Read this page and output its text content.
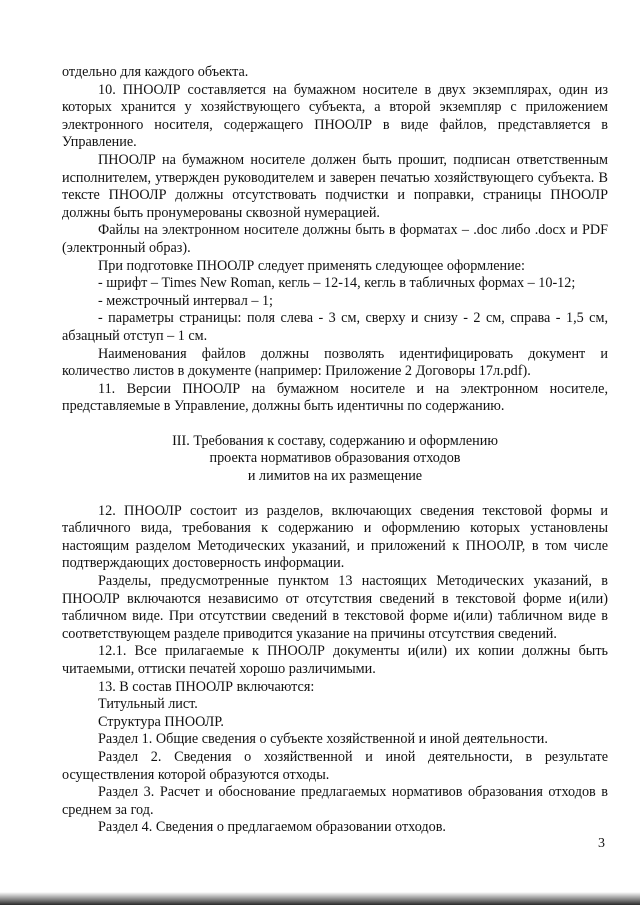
отдельно для каждого объекта.

10. ПНООЛР составляется на бумажном носителе в двух экземплярах, один из которых хранится у хозяйствующего субъекта, а второй экземпляр с приложением электронного носителя, содержащего ПНООЛР в виде файлов, представляется в Управление.

ПНООЛР на бумажном носителе должен быть прошит, подписан ответственным исполнителем, утвержден руководителем и заверен печатью хозяйствующего субъекта. В тексте ПНООЛР должны отсутствовать подчистки и поправки, страницы ПНООЛР должны быть пронумерованы сквозной нумерацией.

Файлы на электронном носителе должны быть в форматах – .doc либо .docx и PDF (электронный образ).

При подготовке ПНООЛР следует применять следующее оформление:

- шрифт – Times New Roman, кегль – 12-14, кегль в табличных формах – 10-12;

- межстрочный интервал – 1;

- параметры страницы: поля слева - 3 см, сверху и снизу - 2 см, справа - 1,5 см, абзацный отступ – 1 см.

Наименования файлов должны позволять идентифицировать документ и количество листов в документе (например: Приложение 2 Договоры 17л.pdf).

11. Версии ПНООЛР на бумажном носителе и на электронном носителе, представляемые в Управление, должны быть идентичны по содержанию.

III. Требования к составу, содержанию и оформлению
проекта нормативов образования отходов
и лимитов на их размещение

12. ПНООЛР состоит из разделов, включающих сведения текстовой формы и табличного вида, требования к содержанию и оформлению которых установлены настоящим разделом Методических указаний, и приложений к ПНООЛР, в том числе подтверждающих достоверность информации.

Разделы, предусмотренные пунктом 13 настоящих Методических указаний, в ПНООЛР включаются независимо от отсутствия сведений в текстовой форме и(или) табличном виде. При отсутствии сведений в текстовой форме и(или) табличном виде в соответствующем разделе приводится указание на причины отсутствия сведений.

12.1. Все прилагаемые к ПНООЛР документы и(или) их копии должны быть читаемыми, оттиски печатей хорошо различимыми.

13. В состав ПНООЛР включаются:

Титульный лист.

Структура ПНООЛР.

Раздел 1. Общие сведения о субъекте хозяйственной и иной деятельности.

Раздел 2. Сведения о хозяйственной и иной деятельности, в результате осуществления которой образуются отходы.

Раздел 3. Расчет и обоснование предлагаемых нормативов образования отходов в среднем за год.

Раздел 4. Сведения о предлагаемом образовании отходов.

3
